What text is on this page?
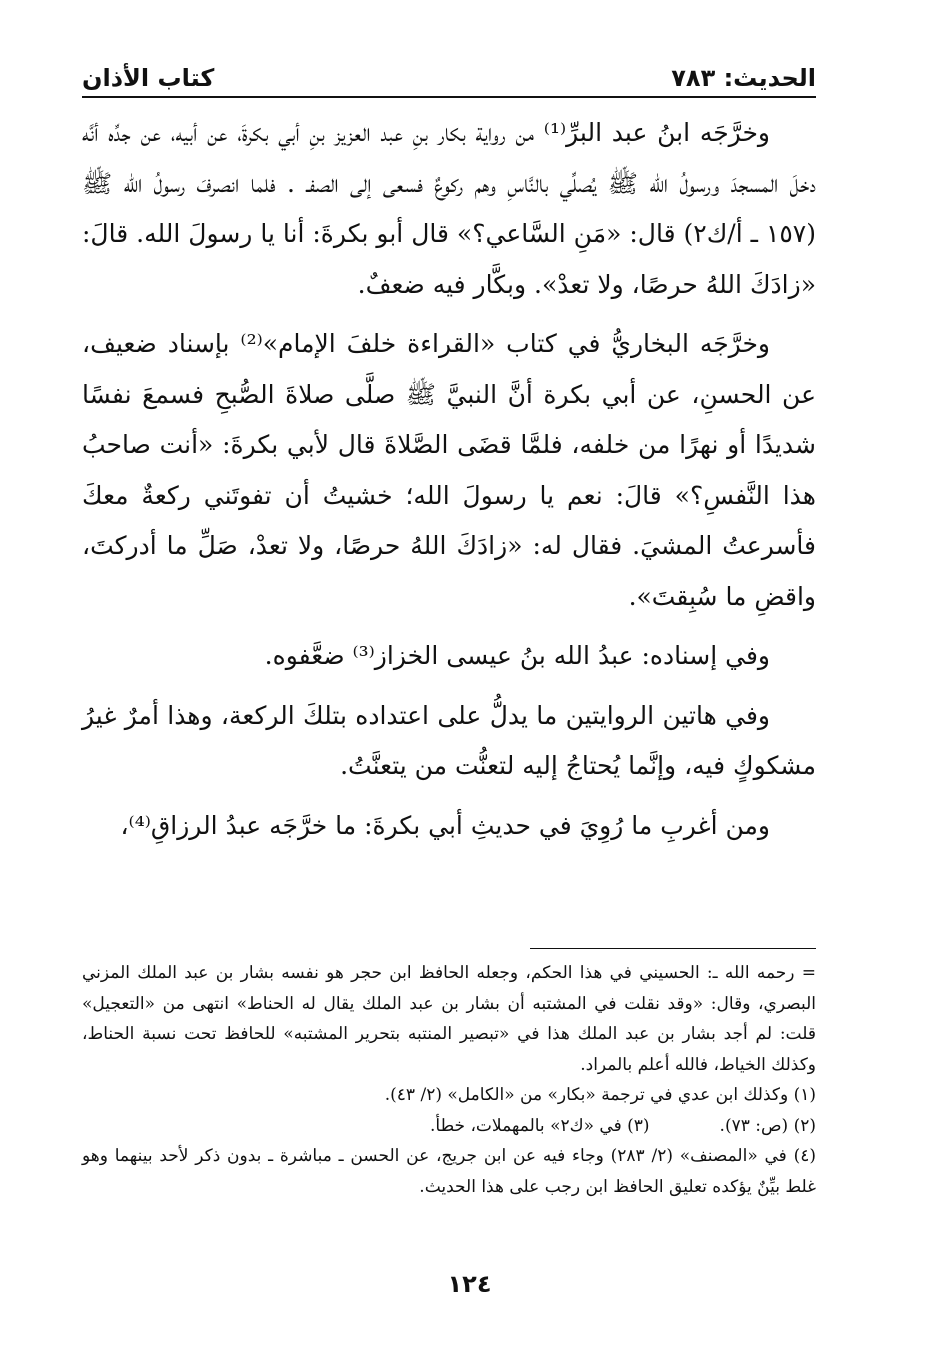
الحديث: ٧٨٣
كتاب الأذان

وخرَّجَه ابنُ عبد البرِّ⁽¹⁾ من رواية بكار بنِ عبد العزيز بنِ أبي بكرةَ، عن أبيه، عن جدِّه أنَّه دخلَ المسجدَ ورسولُ الله ﷺ يُصلِّي بالنَّاسِ وهم ركوعٌ فسعى إلى الصفـ . فلما انصرفَ رسولُ الله ﷺ (١٥٧ ـ أ/ك٢) قال: «مَنِ السَّاعي؟» قال أبو بكرةَ: أنا يا رسولَ الله. قالَ: «زادَكَ اللهُ حرصًا، ولا تعدْ». وبكَّار فيه ضعفٌ.

وخرَّجَه البخاريُّ في كتاب «القراءة خلفَ الإمام»⁽²⁾ بإسناد ضعيف، عن الحسنِ، عن أبي بكرة أنَّ النبيَّ ﷺ صلَّى صلاةَ الصُّبحِ فسمعَ نفسًا شديدًا أو نهرًا من خلفه، فلمَّا قضَى الصَّلاةَ قال لأبي بكرةَ: «أنت صاحبُ هذا النَّفسِ؟» قالَ: نعم يا رسولَ الله؛ خشيتُ أن تفوتَني ركعةٌ معكَ فأسرعتُ المشيَ. فقال له: «زادَكَ اللهُ حرصًا، ولا تعدْ، صَلِّ ما أدركتَ، واقضِ ما سُبِقتَ».

وفي إسناده: عبدُ الله بنُ عيسى الخزاز⁽³⁾ ضعَّفوه.

وفي هاتين الروايتين ما يدلُّ على اعتداده بتلكَ الركعة، وهذا أمرٌ غيرُ مشكوكٍ فيه، وإنَّما يُحتاجُ إليه لتعنُّت من يتعنَّتُ.

ومن أغربِ ما رُوِيَ في حديثِ أبي بكرةَ: ما خرَّجَه عبدُ الرزاقِ⁽⁴⁾،

= رحمه الله ـ: الحسيني في هذا الحكم، وجعله الحافظ ابن حجر هو نفسه بشار بن عبد الملك المزني البصري، وقال: «وقد نقلت في المشتبه أن بشار بن عبد الملك يقال له الحناط» انتهى من «التعجيل» قلت: لم أجد بشار بن عبد الملك هذا في «تبصير المنتبه بتحرير المشتبه» للحافظ تحت نسبة الحناط، وكذلك الخياط، فالله أعلم بالمراد.

(١) وكذلك ابن عدي في ترجمة «بكار» من «الكامل» (٢/ ٤٣).

(٢) (ص: ٧٣).
(٣) في «ك٢» بالمهملات، خطأ.

(٤) في «المصنف» (٢/ ٢٨٣) وجاء فيه عن ابن جريج، عن الحسن ـ مباشرة ـ بدون ذكر لأحد بينهما وهو غلط بيِّنٌ يؤكده تعليق الحافظ ابن رجب على هذا الحديث.

١٢٤
